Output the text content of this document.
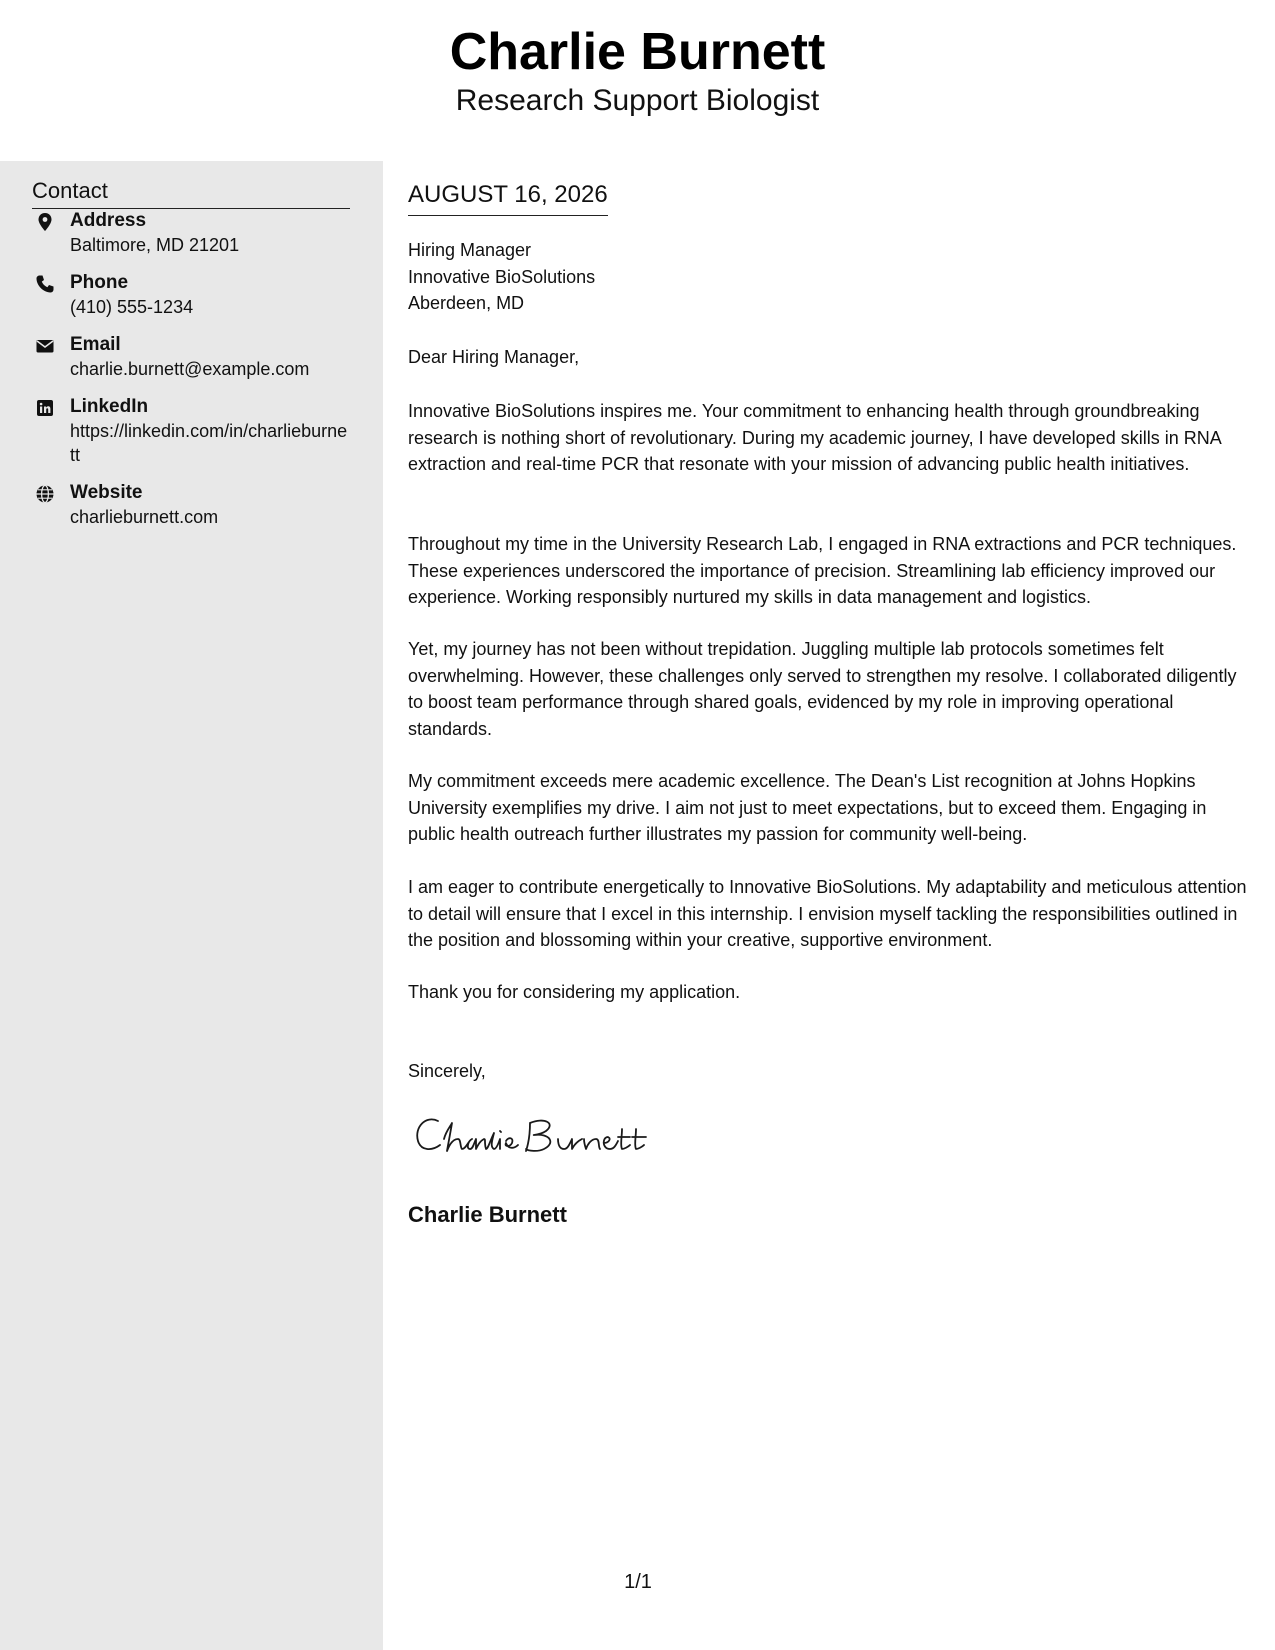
Charlie Burnett
Research Support Biologist
Contact
Address
Baltimore, MD 21201
Phone
(410) 555-1234
Email
charlie.burnett@example.com
LinkedIn
https://linkedin.com/in/charlieburnett
Website
charlieburnett.com
AUGUST 16, 2026
Hiring Manager
Innovative BioSolutions
Aberdeen, MD
Dear Hiring Manager,

Innovative BioSolutions inspires me. Your commitment to enhancing health through groundbreaking research is nothing short of revolutionary. During my academic journey, I have developed skills in RNA extraction and real-time PCR that resonate with your mission of advancing public health initiatives.

Throughout my time in the University Research Lab, I engaged in RNA extractions and PCR techniques. These experiences underscored the importance of precision. Streamlining lab efficiency improved our experience. Working responsibly nurtured my skills in data management and logistics.

Yet, my journey has not been without trepidation. Juggling multiple lab protocols sometimes felt overwhelming. However, these challenges only served to strengthen my resolve. I collaborated diligently to boost team performance through shared goals, evidenced by my role in improving operational standards.

My commitment exceeds mere academic excellence. The Dean's List recognition at Johns Hopkins University exemplifies my drive. I aim not just to meet expectations, but to exceed them. Engaging in public health outreach further illustrates my passion for community well-being.

I am eager to contribute energetically to Innovative BioSolutions. My adaptability and meticulous attention to detail will ensure that I excel in this internship. I envision myself tackling the responsibilities outlined in the position and blossoming within your creative, supportive environment.

Thank you for considering my application.

Sincerely,
Charlie Burnett
1/1
